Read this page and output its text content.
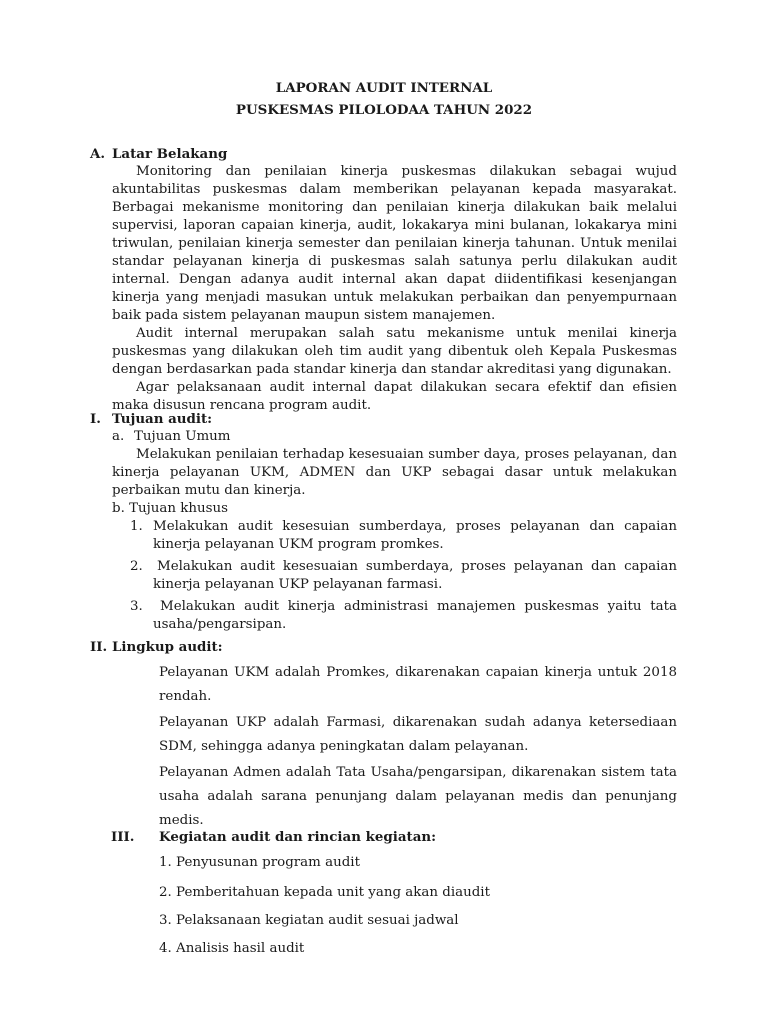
LAPORAN AUDIT INTERNAL

PUSKESMAS PILOLODAA TAHUN 2022

A. Latar Belakang

Monitoring dan penilaian kinerja puskesmas dilakukan sebagai wujud

akuntabilitas puskesmas dalam memberikan pelayanan kepada masyarakat.

Berbagai mekanisme monitoring dan penilaian kinerja dilakukan baik melalui

supervisi, laporan capaian kinerja, audit, lokakarya mini bulanan, lokakarya mini

triwulan, penilaian kinerja semester dan penilaian kinerja tahunan. Untuk menilai

standar pelayanan kinerja di puskesmas salah satunya perlu dilakukan audit

internal. Dengan adanya audit internal akan dapat diidentifikasi kesenjangan

kinerja yang menjadi masukan untuk melakukan perbaikan dan penyempurnaan

baik pada sistem pelayanan maupun sistem manajemen.

Audit internal merupakan salah satu mekanisme untuk menilai kinerja

puskesmas yang dilakukan oleh tim audit yang dibentuk oleh Kepala Puskesmas

dengan berdasarkan pada standar kinerja dan standar akreditasi yang digunakan.

Agar pelaksanaan audit internal dapat dilakukan secara efektif dan efisien

maka disusun rencana program audit.

I. Tujuan audit:

a. Tujuan Umum

Melakukan penilaian terhadap kesesuaian sumber daya, proses pelayanan, dan

kinerja pelayanan UKM, ADMEN dan UKP sebagai dasar untuk melakukan

perbaikan mutu dan kinerja.

b. Tujuan khusus

1. Melakukan audit kesesuian sumberdaya, proses pelayanan dan capaian

kinerja pelayanan UKM program promkes.

2. Melakukan audit kesesuaian sumberdaya, proses pelayanan dan capaian

kinerja pelayanan UKP pelayanan farmasi.

3. Melakukan audit kinerja administrasi manajemen puskesmas yaitu tata

usaha/pengarsipan.

II. Lingkup audit:

Pelayanan UKM adalah Promkes, dikarenakan capaian kinerja untuk 2018

rendah.

Pelayanan UKP adalah Farmasi, dikarenakan sudah adanya ketersediaan

SDM, sehingga adanya peningkatan dalam pelayanan.

Pelayanan Admen adalah Tata Usaha/pengarsipan, dikarenakan sistem tata

usaha adalah sarana penunjang dalam pelayanan medis dan penunjang

medis.

III. Kegiatan audit dan rincian kegiatan:

1. Penyusunan program audit

2. Pemberitahuan kepada unit yang akan diaudit

3. Pelaksanaan kegiatan audit sesuai jadwal

4. Analisis hasil audit
